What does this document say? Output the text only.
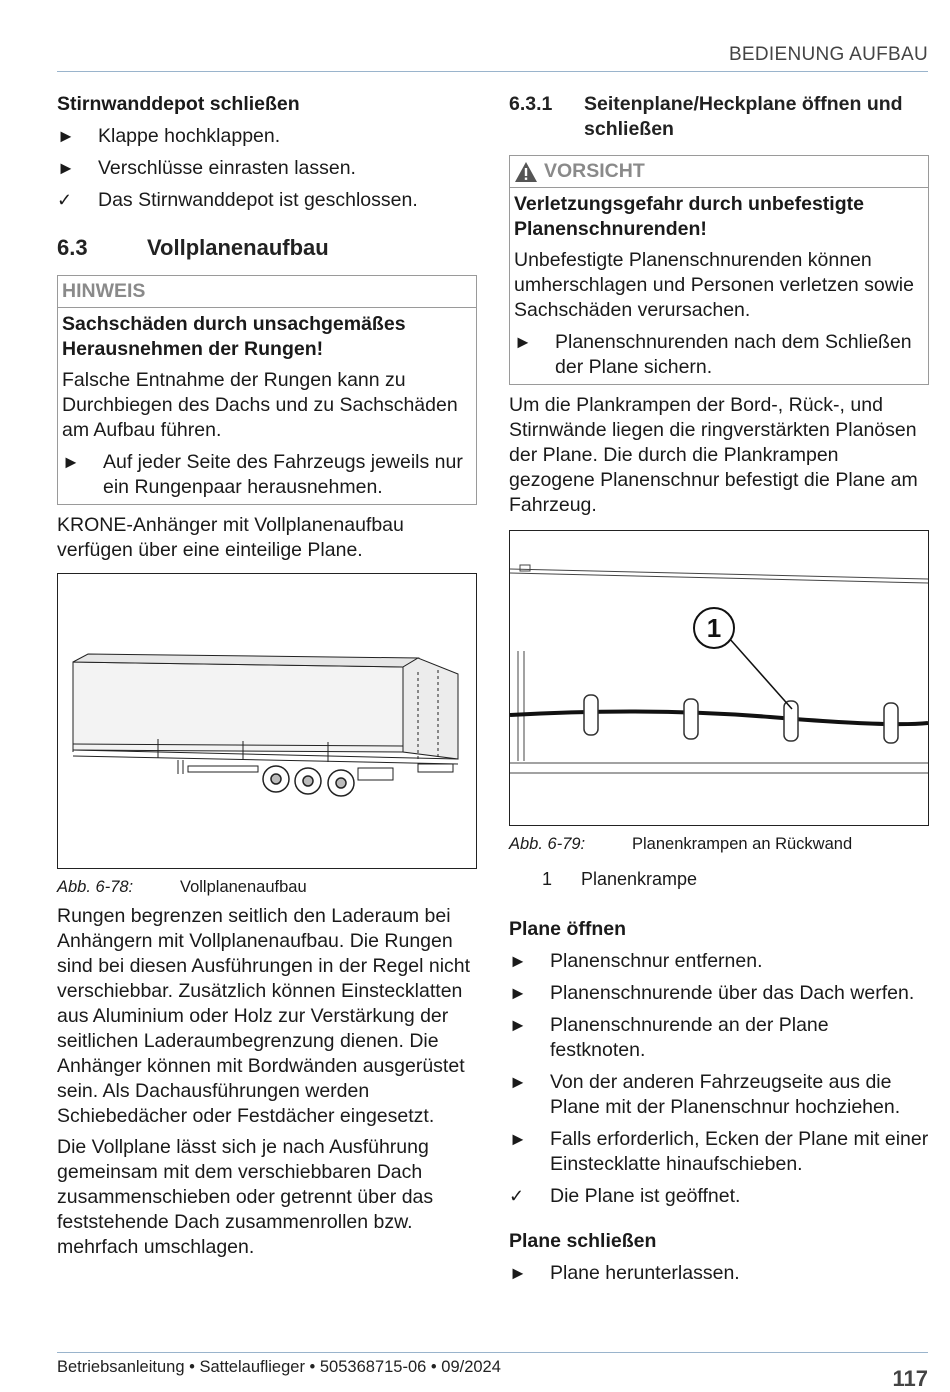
BEDIENUNG AUFBAU
Stirnwanddepot schließen
►	Klappe hochklappen.
►	Verschlüsse einrasten lassen.
✓	Das Stirnwanddepot ist geschlossen.
6.3	Vollplanenaufbau
HINWEIS
Sachschäden durch unsachgemäßes Herausnehmen der Rungen!
Falsche Entnahme der Rungen kann zu Durchbiegen des Dachs und zu Sachschäden am Aufbau führen.
►	Auf jeder Seite des Fahrzeugs jeweils nur ein Rungenpaar herausnehmen.
KRONE-Anhänger mit Vollplanenaufbau verfügen über eine einteilige Plane.
Abb. 6-78:	Vollplanenaufbau
Rungen begrenzen seitlich den Laderaum bei Anhängern mit Vollplanenaufbau. Die Rungen sind bei diesen Ausführungen in der Regel nicht verschiebbar. Zusätzlich können Einstecklatten aus Aluminium oder Holz zur Verstärkung der seitlichen Laderaumbegrenzung dienen. Die Anhänger können mit Bordwänden ausgerüstet sein. Als Dachausführungen werden Schiebedächer oder Festdächer eingesetzt.
Die Vollplane lässt sich je nach Ausführung gemeinsam mit dem verschiebbaren Dach zusammenschieben oder getrennt über das feststehende Dach zusammenrollen bzw. mehrfach umschlagen.
6.3.1	Seitenplane/Heckplane öffnen und schließen
VORSICHT
Verletzungsgefahr durch unbefestigte Planenschnurenden!
Unbefestigte Planenschnurenden können umherschlagen und Personen verletzen sowie Sachschäden verursachen.
►	Planenschnurenden nach dem Schließen der Plane sichern.
Um die Plankrampen der Bord-, Rück-, und Stirnwände liegen die ringverstärkten Planösen der Plane. Die durch die Plankrampen gezogene Planenschnur befestigt die Plane am Fahrzeug.
1
Abb. 6-79:	Planenkrampen an Rückwand
1	Planenkrampe
Plane öffnen
►	Planenschnur entfernen.
►	Planenschnurende über das Dach werfen.
►	Planenschnurende an der Plane festknoten.
►	Von der anderen Fahrzeugseite aus die Plane mit der Planenschnur hochziehen.
►	Falls erforderlich, Ecken der Plane mit einer Einstecklatte hinaufschieben.
✓	Die Plane ist geöffnet.
Plane schließen
►	Plane herunterlassen.
Betriebsanleitung • Sattelauflieger • 505368715-06 • 09/2024	117
